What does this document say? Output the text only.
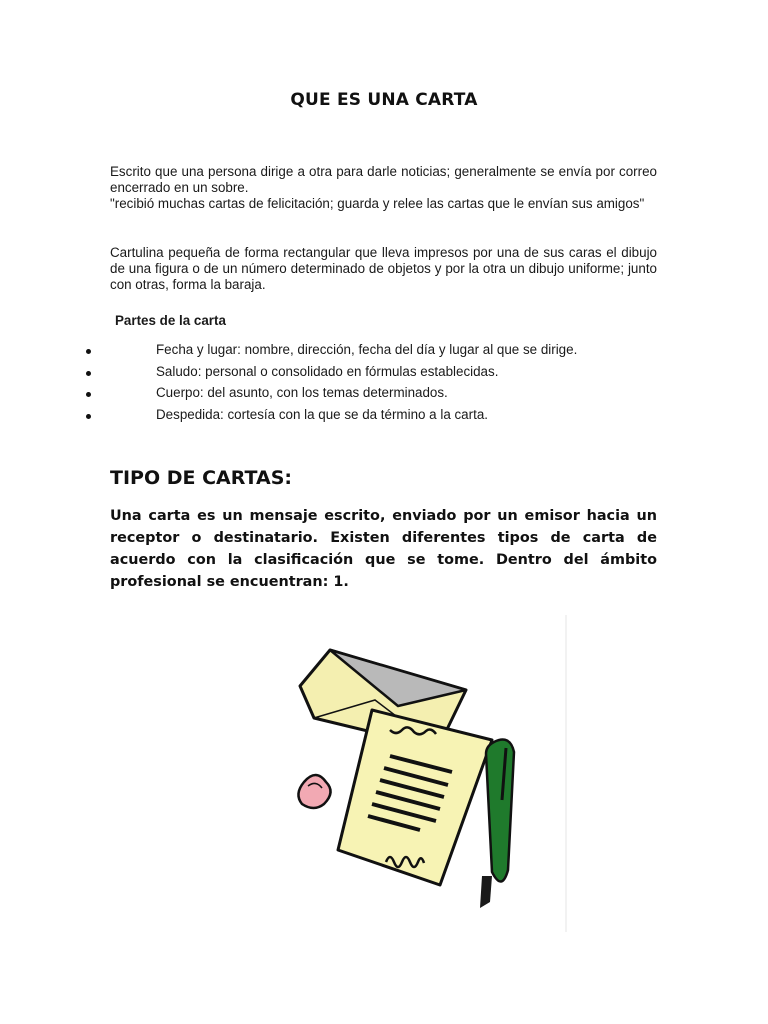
QUE ES UNA CARTA

Escrito que una persona dirige a otra para darle noticias; generalmente se envía por correo encerrado en un sobre.

"recibió muchas cartas de felicitación; guarda y relee las cartas que le envían sus amigos"

Cartulina pequeña de forma rectangular que lleva impresos por una de sus caras el dibujo de una figura o de un número determinado de objetos y por la otra un dibujo uniforme; junto con otras, forma la baraja.

Partes de la carta
Fecha y lugar: nombre, dirección, fecha del día y lugar al que se dirige.
Saludo: personal o consolidado en fórmulas establecidas.
Cuerpo: del asunto, con los temas determinados.
Despedida: cortesía con la que se da término a la carta.
TIPO DE CARTAS:

Una carta es un mensaje escrito, enviado por un emisor hacia un receptor o destinatario. Existen diferentes tipos de carta de acuerdo con la clasificación que se tome. Dentro del ámbito profesional se encuentran: 1.
